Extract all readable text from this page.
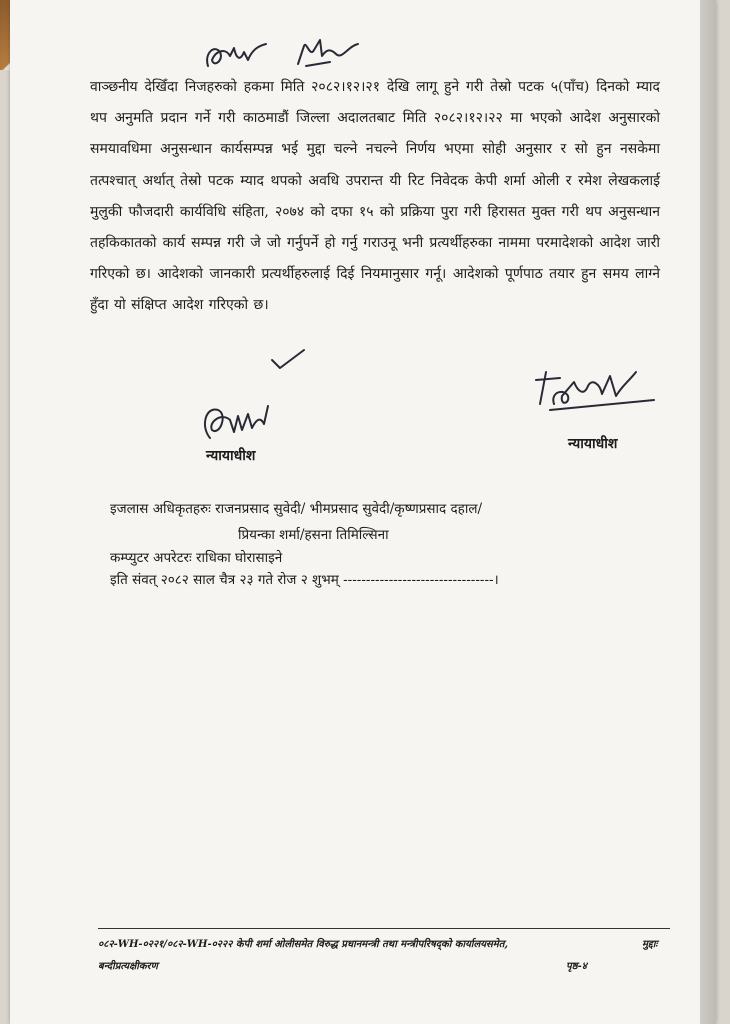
वाञ्छनीय देखिँदा निजहरुको हकमा मिति २०८२।१२।२१ देखि लागू हुने गरी तेस्रो पटक ५(पाँच) दिनको म्याद थप अनुमति प्रदान गर्ने गरी काठमाडौं जिल्ला अदालतबाट मिति २०८२।१२।२२ मा भएको आदेश अनुसारको समयावधिमा अनुसन्धान कार्यसम्पन्न भई मुद्दा चल्ने नचल्ने निर्णय भएमा सोही अनुसार र सो हुन नसकेमा तत्पश्चात् अर्थात् तेस्रो पटक म्याद थपको अवधि उपरान्त यी रिट निवेदक केपी शर्मा ओली र रमेश लेखकलाई मुलुकी फौजदारी कार्यविधि संहिता, २०७४ को दफा १५ को प्रक्रिया पुरा गरी हिरासत मुक्त गरी थप अनुसन्धान तहकिकातको कार्य सम्पन्न गरी जे जो गर्नुपर्ने हो गर्नु गराउनू भनी प्रत्यर्थीहरुका नाममा परमादेशको आदेश जारी गरिएको छ। आदेशको जानकारी प्रत्यर्थीहरुलाई दिई नियमानुसार गर्नू। आदेशको पूर्णपाठ तयार हुन समय लाग्ने हुँदा यो संक्षिप्त आदेश गरिएको छ।

न्यायाधीश
न्यायाधीश
इजलास अधिकृतहरुः राजनप्रसाद सुवेदी/ भीमप्रसाद सुवेदी/कृष्णप्रसाद दहाल/
प्रियन्का शर्मा/हसना तिमिल्सिना
कम्प्युटर अपरेटरः राधिका घोरासाइने
इति संवत् २०८२ साल चैत्र २३ गते रोज २ शुभम् ---------------------------------।
०८२-WH-०२२१/०८२-WH-०२२२ केपी शर्मा ओलीसमेत विरुद्ध प्रधानमन्त्री तथा मन्त्रीपरिषद्को कार्यालयसमेत,	मुद्दाः
बन्दीप्रत्यक्षीकरण	पृष्ठ-४
